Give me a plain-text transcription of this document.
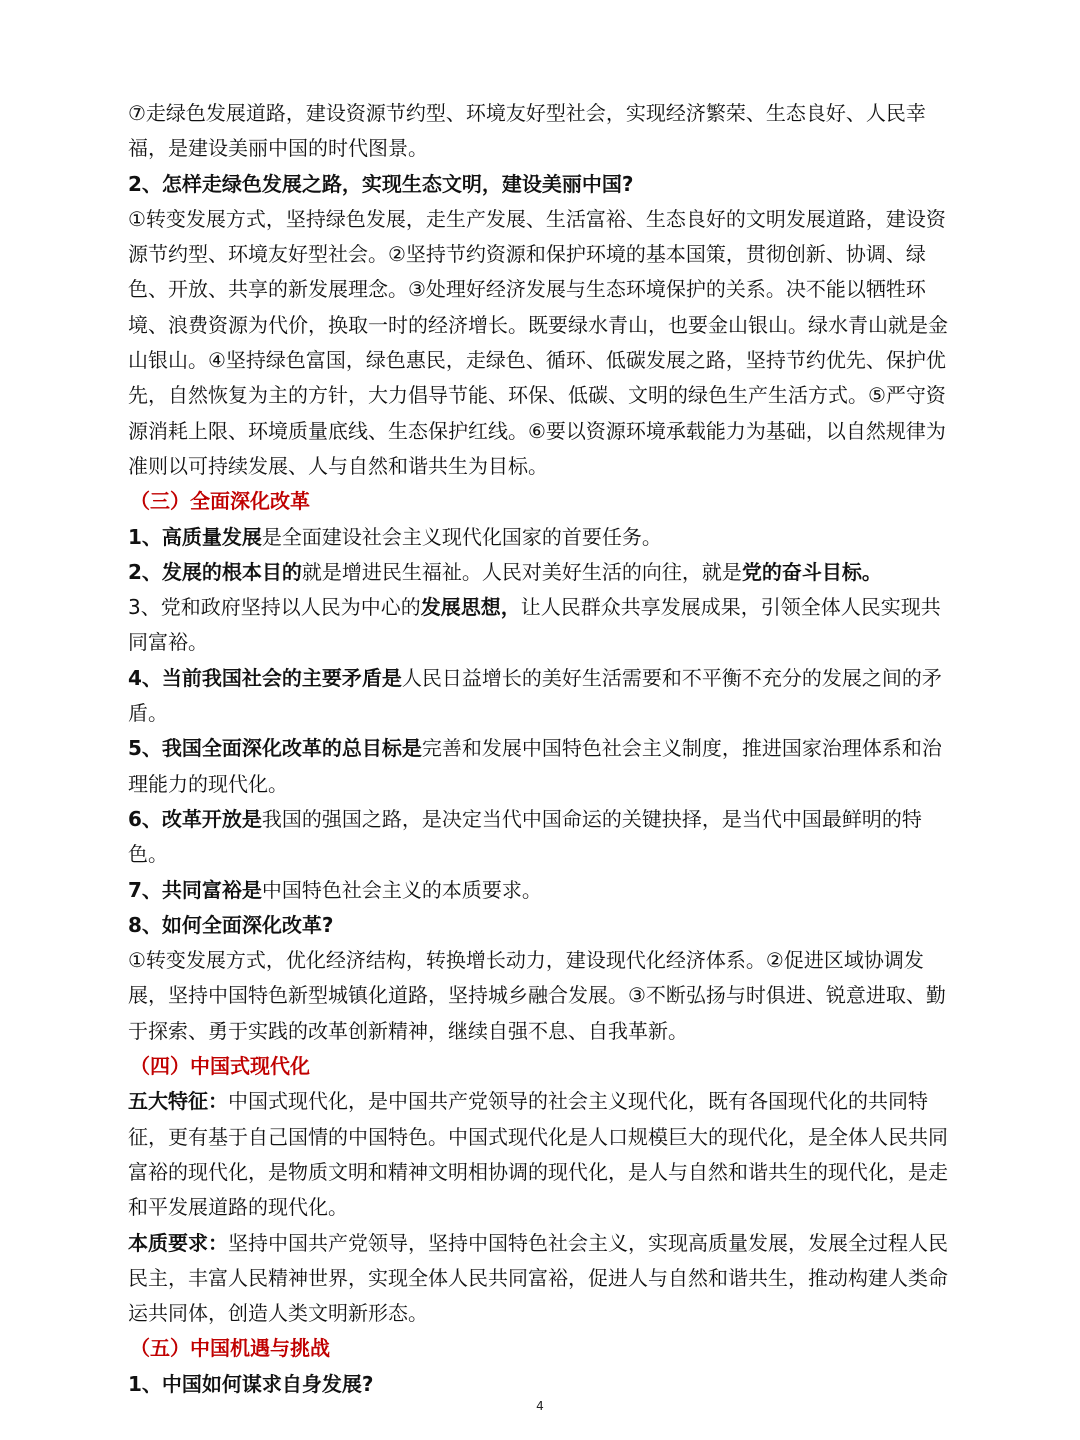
⑦走绿色发展道路，建设资源节约型、环境友好型社会，实现经济繁荣、生态良好、人民幸福，是建设美丽中国的时代图景。

2、怎样走绿色发展之路，实现生态文明，建设美丽中国?

①转变发展方式，坚持绿色发展，走生产发展、生活富裕、生态良好的文明发展道路，建设资源节约型、环境友好型社会。②坚持节约资源和保护环境的基本国策，贯彻创新、协调、绿色、开放、共享的新发展理念。③处理好经济发展与生态环境保护的关系。决不能以牺牲环境、浪费资源为代价，换取一时的经济增长。既要绿水青山，也要金山银山。绿水青山就是金山银山。④坚持绿色富国，绿色惠民，走绿色、循环、低碳发展之路，坚持节约优先、保护优先，自然恢复为主的方针，大力倡导节能、环保、低碳、文明的绿色生产生活方式。⑤严守资源消耗上限、环境质量底线、生态保护红线。⑥要以资源环境承载能力为基础，以自然规律为准则以可持续发展、人与自然和谐共生为目标。

（三）全面深化改革

1、高质量发展是全面建设社会主义现代化国家的首要任务。

2、发展的根本目的就是增进民生福祉。人民对美好生活的向往，就是党的奋斗目标。

3、党和政府坚持以人民为中心的发展思想，让人民群众共享发展成果，引领全体人民实现共同富裕。

4、当前我国社会的主要矛盾是人民日益增长的美好生活需要和不平衡不充分的发展之间的矛盾。

5、我国全面深化改革的总目标是完善和发展中国特色社会主义制度，推进国家治理体系和治理能力的现代化。

6、改革开放是我国的强国之路，是决定当代中国命运的关键抉择，是当代中国最鲜明的特色。

7、共同富裕是中国特色社会主义的本质要求。

8、如何全面深化改革?

①转变发展方式，优化经济结构，转换增长动力，建设现代化经济体系。②促进区域协调发展，坚持中国特色新型城镇化道路，坚持城乡融合发展。③不断弘扬与时俱进、锐意进取、勤于探索、勇于实践的改革创新精神，继续自强不息、自我革新。

（四）中国式现代化

五大特征：中国式现代化，是中国共产党领导的社会主义现代化，既有各国现代化的共同特征，更有基于自己国情的中国特色。中国式现代化是人口规模巨大的现代化，是全体人民共同富裕的现代化，是物质文明和精神文明相协调的现代化，是人与自然和谐共生的现代化，是走和平发展道路的现代化。

本质要求：坚持中国共产党领导，坚持中国特色社会主义，实现高质量发展，发展全过程人民民主，丰富人民精神世界，实现全体人民共同富裕，促进人与自然和谐共生，推动构建人类命运共同体，创造人类文明新形态。

（五）中国机遇与挑战

1、中国如何谋求自身发展?

4
